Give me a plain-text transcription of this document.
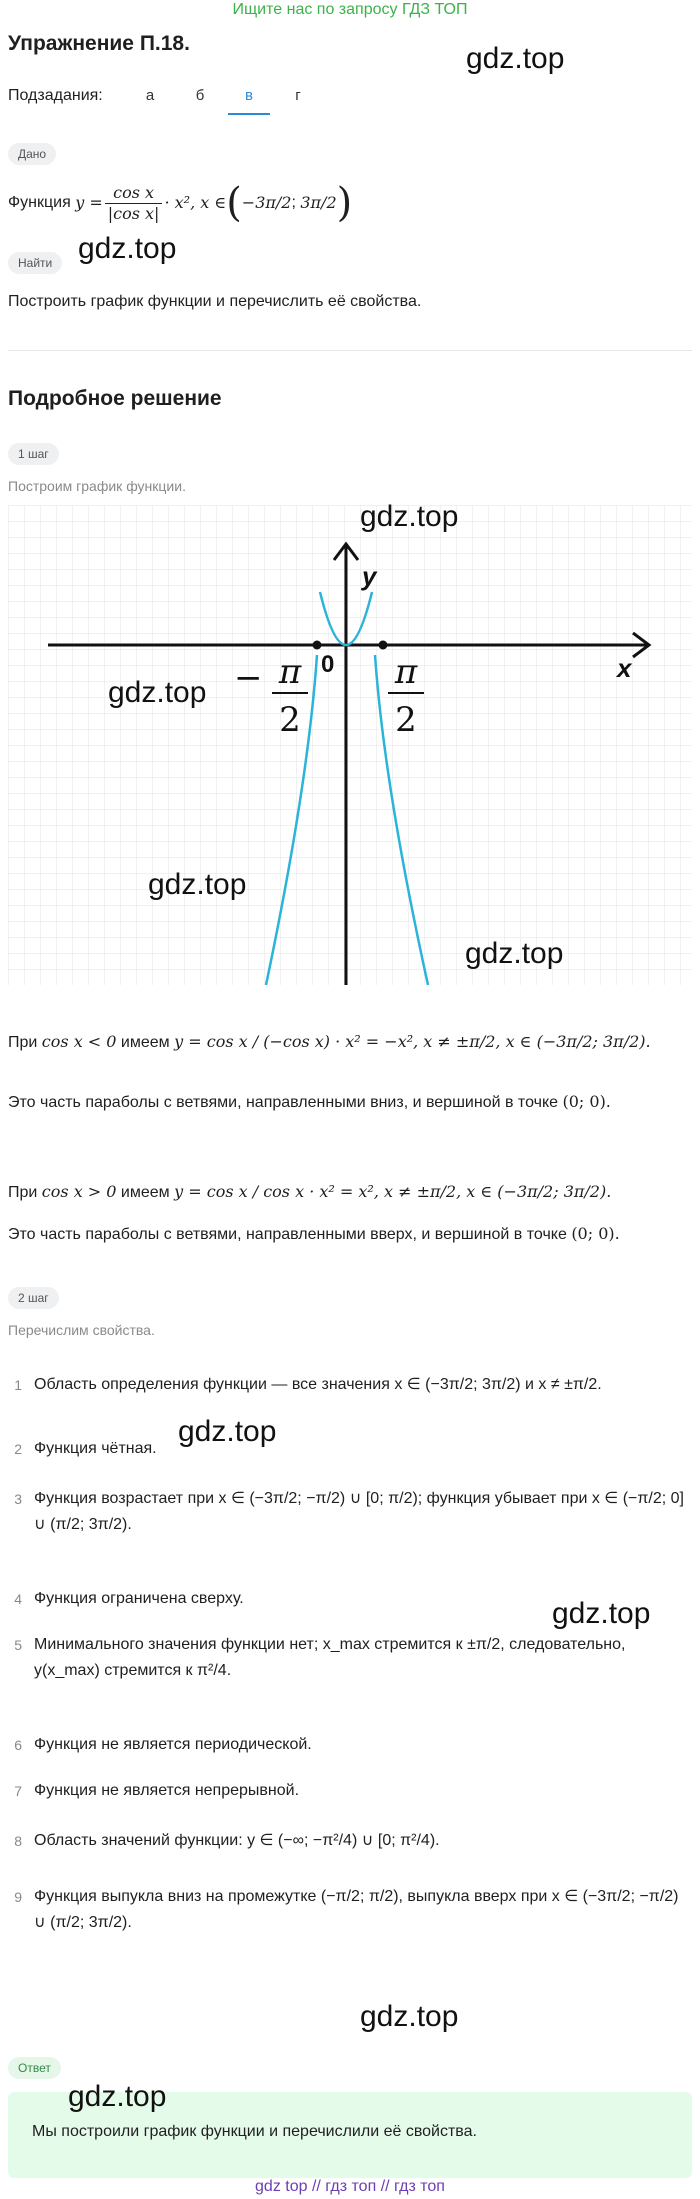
Ищите нас по запросу ГДЗ ТОП
Упражнение П.18.	gdz.top
Подзадания:	а	б	в	г
Дано
Функция
$y = \frac{\text{cos x}}{\text{|cos x|}} \cdot x^2$, x ∈ ( −3π/2 ; 3π/2 )
Найти gdz.top
Построить график функции и перечислить её свойства.
Подробное решение
1 шаг
Построим график функции.
y
x
0
− π
2
π
2
gdz.top
gdz.top
gdz.top
gdz.top
При cos x < 0 имеем y = cos x / (−cos x) · x² = −x², x ≠ ±π/2, x ∈ (−3π/2; 3π/2).
Это часть параболы с ветвями, направленными вниз, и вершиной в точке (0; 0).
При cos x > 0 имеем y = cos x / cos x · x² = x², x ≠ ±π/2, x ∈ (−3π/2; 3π/2).
Это часть параболы с ветвями, направленными вверх, и вершиной в точке (0; 0).
2 шаг
Перечислим свойства.
1 Область определения функции — все значения x ∈ (−3π/2; 3π/2) и x ≠ ±π/2.
2 Функция чётная.
3 Функция возрастает при x ∈ (−3π/2; −π/2) ∪ [0; π/2); функция убывает при x ∈ (−π/2; 0] ∪ (π/2; 3π/2).
4 Функция ограничена сверху.
5 Минимального значения функции нет; x_max стремится к ±π/2, следовательно, y(x_max) стремится к π²/4.
6 Функция не является периодической.
7 Функция не является непрерывной.
8 Область значений функции: y ∈ (−∞; −π²/4) ∪ [0; π²/4).
9 Функция выпукла вниз на промежутке (−π/2; π/2), выпукла вверх при x ∈ (−3π/2; −π/2) ∪ (π/2; 3π/2).
gdz.top
gdz.top
gdz.top
Ответ
gdz.top
Мы построили график функции и перечислили её свойства.
gdz top // гдз топ // гдз топ
